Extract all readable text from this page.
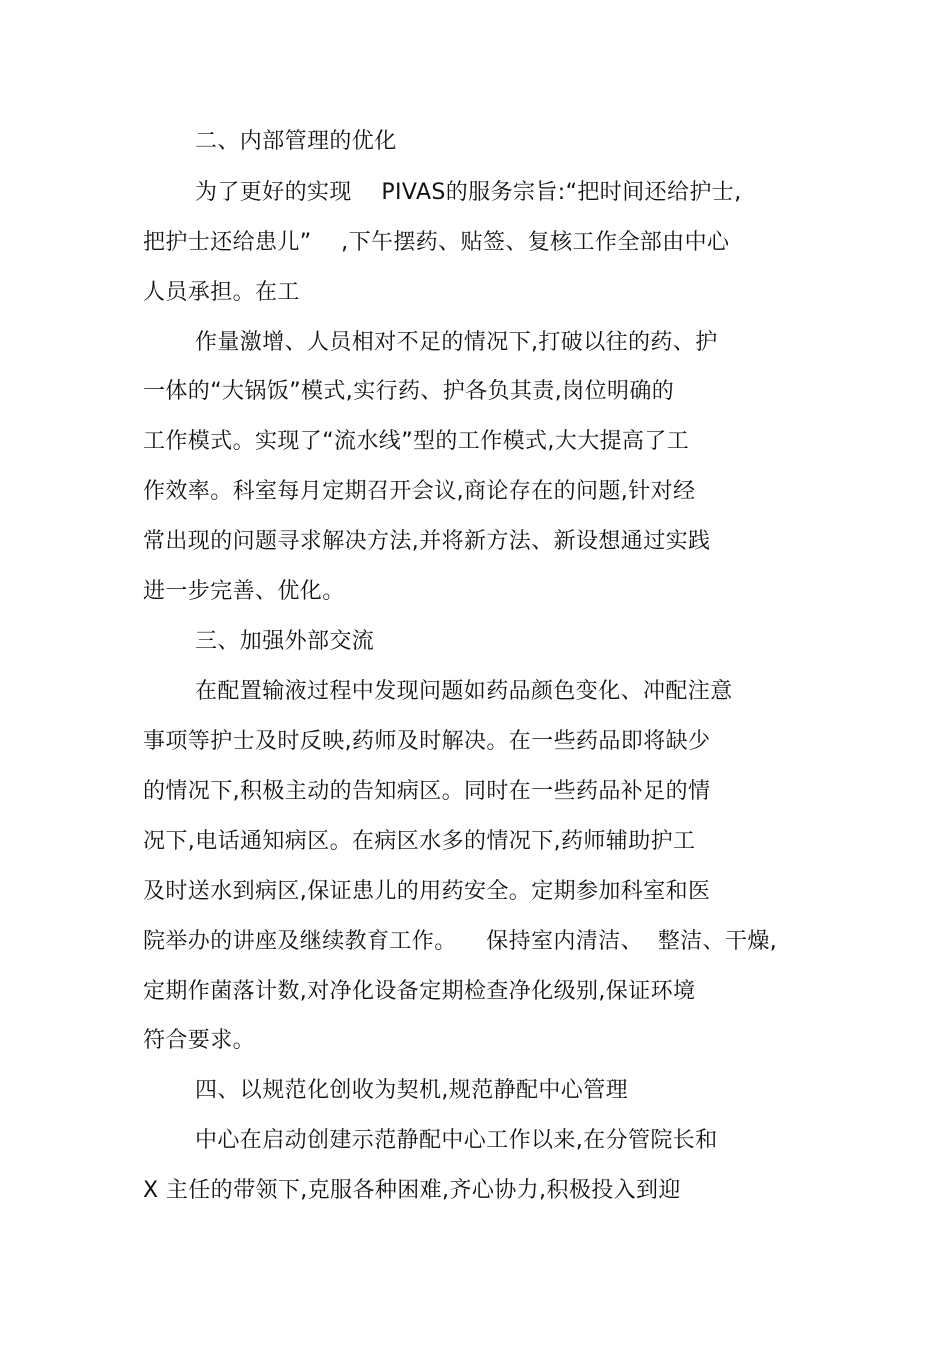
二、内部管理的优化
为了更好的实现    PIVAS的服务宗旨:“把时间还给护士,
把护士还给患儿”    ,下午摆药、贴签、复核工作全部由中心
人员承担。在工
作量激增、人员相对不足的情况下,打破以往的药、护
一体的“大锅饭”模式,实行药、护各负其责,岗位明确的
工作模式。实现了“流水线”型的工作模式,大大提高了工
作效率。科室每月定期召开会议,商论存在的问题,针对经
常出现的问题寻求解决方法,并将新方法、新设想通过实践
进一步完善、优化。
三、加强外部交流
在配置输液过程中发现问题如药品颜色变化、冲配注意
事项等护士及时反映,药师及时解决。在一些药品即将缺少
的情况下,积极主动的告知病区。同时在一些药品补足的情
况下,电话通知病区。在病区水多的情况下,药师辅助护工
及时送水到病区,保证患儿的用药安全。定期参加科室和医
院举办的讲座及继续教育工作。    保持室内清洁、  整洁、干燥,
定期作菌落计数,对净化设备定期检查净化级别,保证环境
符合要求。
四、以规范化创收为契机,规范静配中心管理
中心在启动创建示范静配中心工作以来,在分管院长和
X 主任的带领下,克服各种困难,齐心协力,积极投入到迎
